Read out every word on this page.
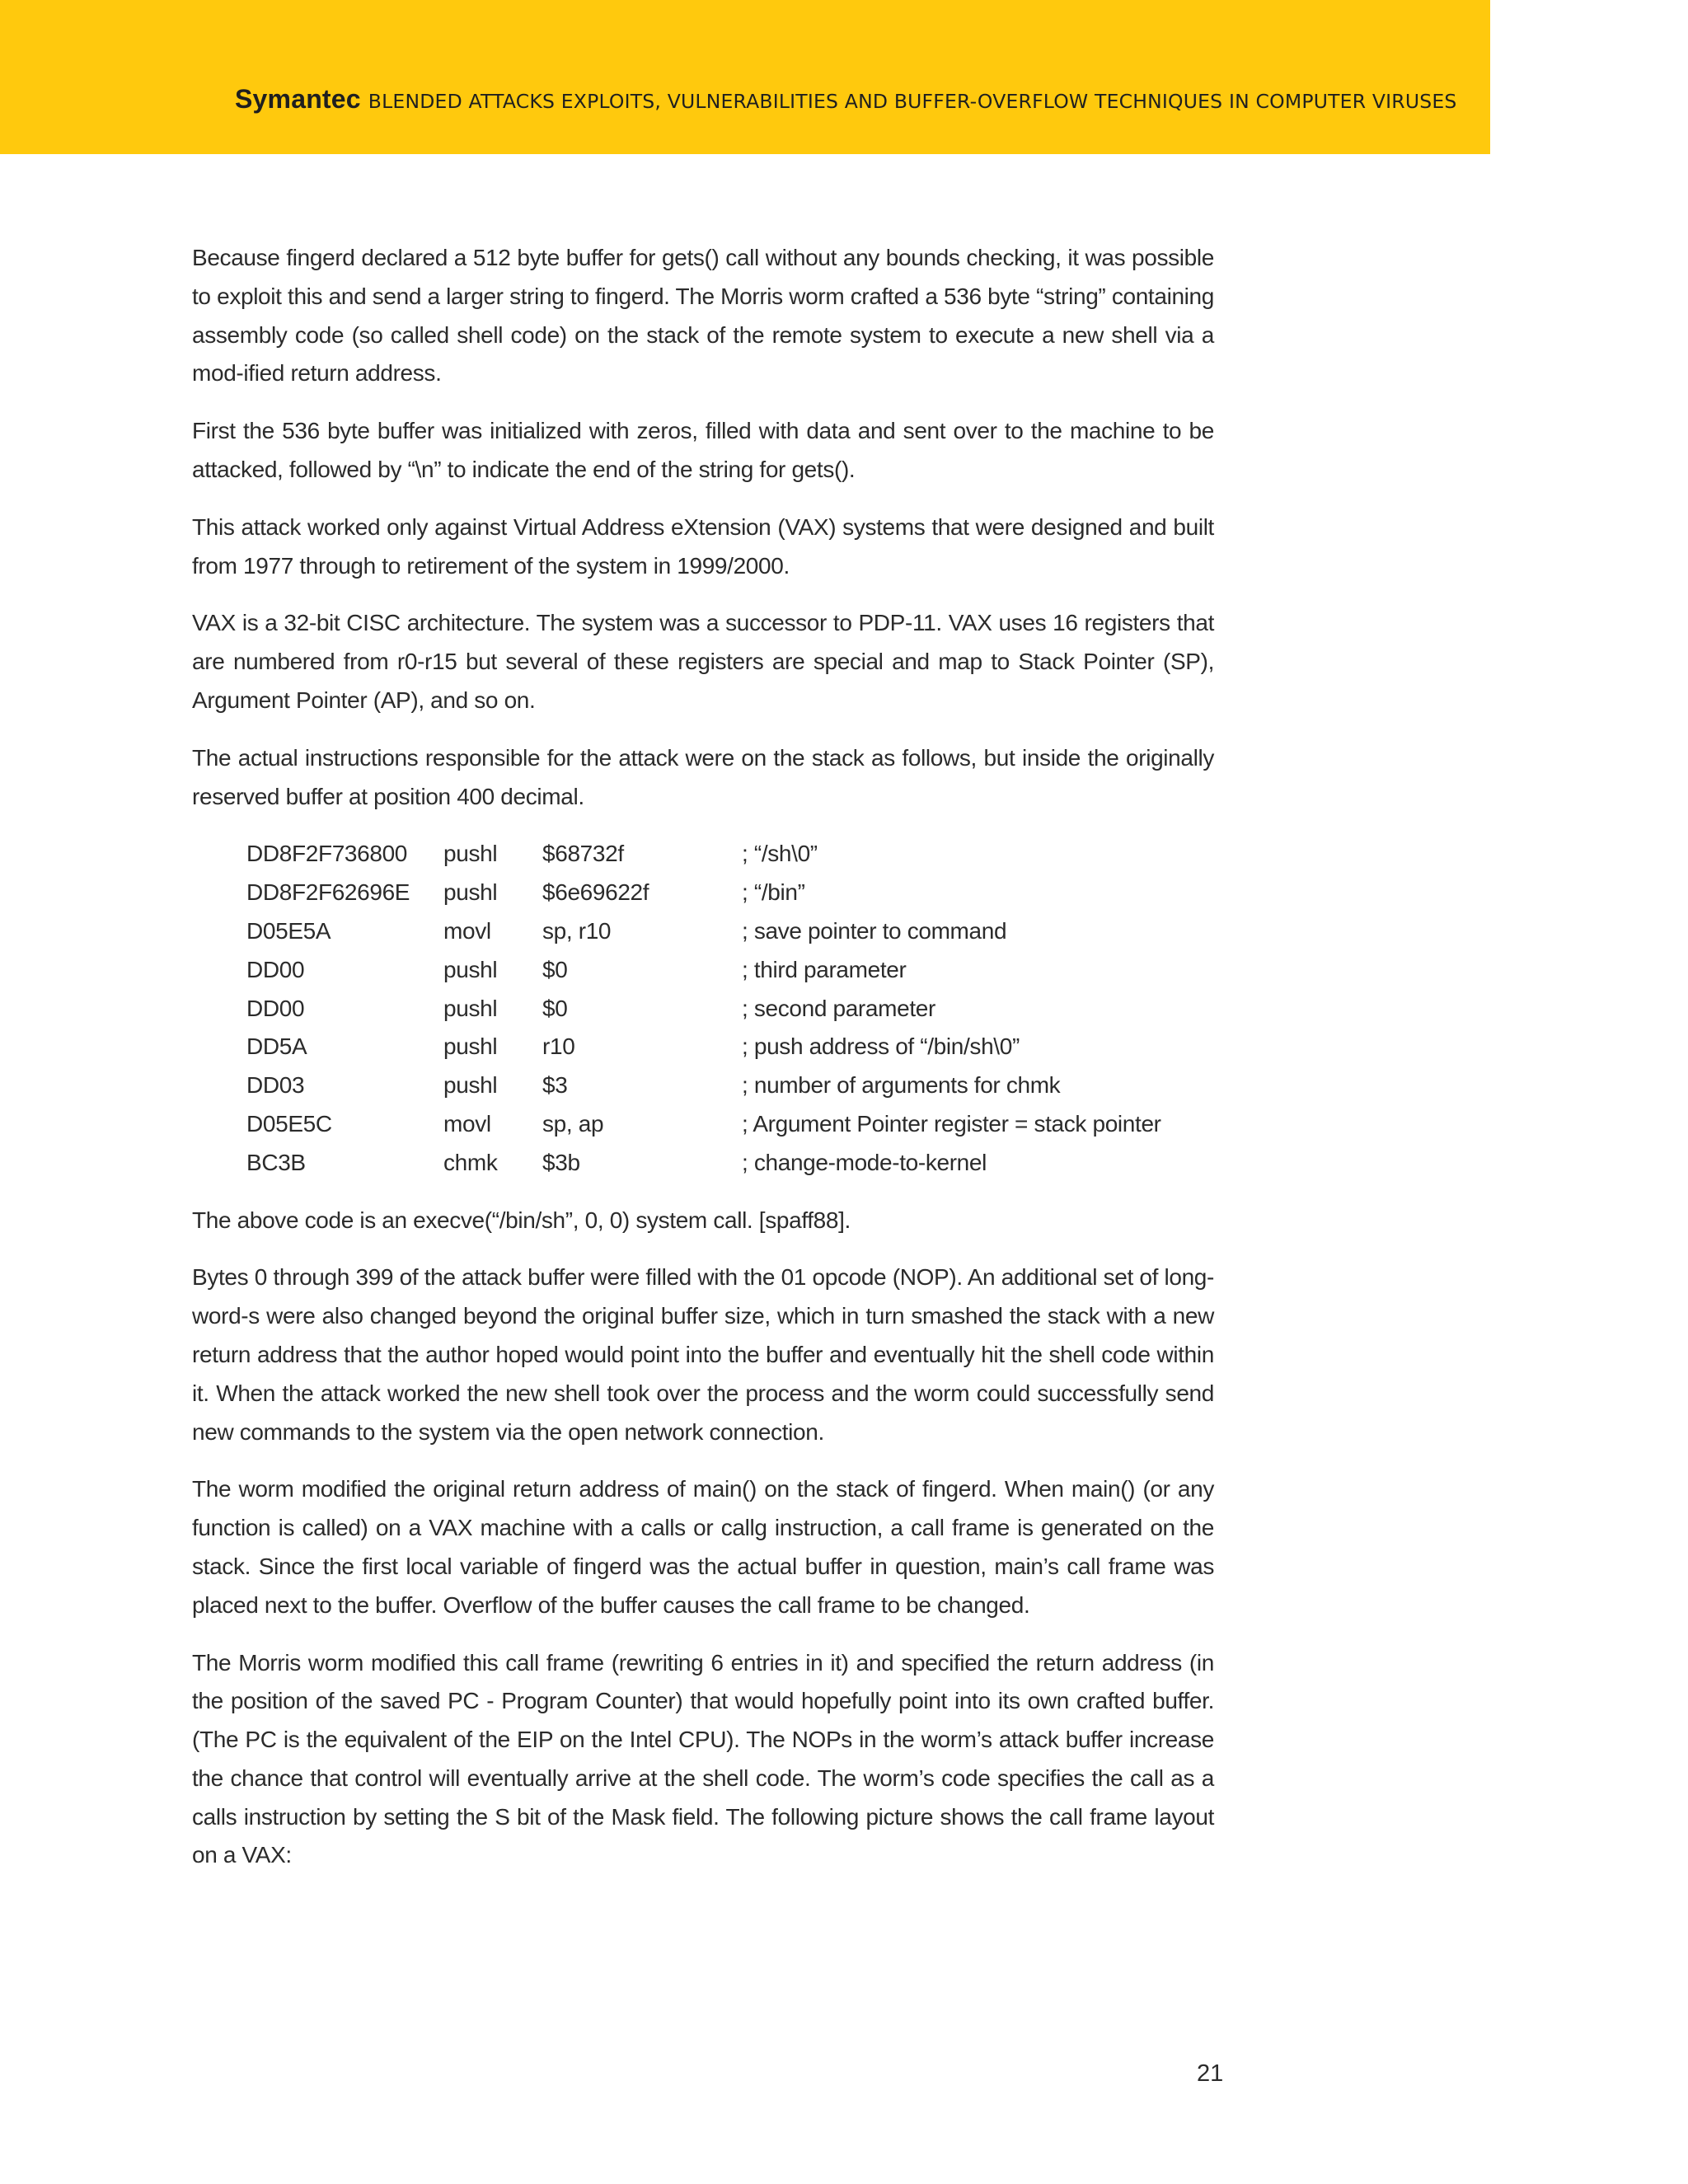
Symantec BLENDED ATTACKS EXPLOITS, VULNERABILITIES AND BUFFER-OVERFLOW TECHNIQUES IN COMPUTER VIRUSES

Because fingerd declared a 512 byte buffer for gets() call without any bounds checking, it was possible to exploit this and send a larger string to fingerd. The Morris worm crafted a 536 byte “string” containing assembly code (so called shell code) on the stack of the remote system to execute a new shell via a mod-ified return address.

First the 536 byte buffer was initialized with zeros, filled with data and sent over to the machine to be attacked, followed by “\n” to indicate the end of the string for gets().

This attack worked only against Virtual Address eXtension (VAX) systems that were designed and built from 1977 through to retirement of the system in 1999/2000.

VAX is a 32-bit CISC architecture. The system was a successor to PDP-11. VAX uses 16 registers that are numbered from r0-r15 but several of these registers are special and map to Stack Pointer (SP), Argument Pointer (AP), and so on.

The actual instructions responsible for the attack were on the stack as follows, but inside the originally reserved buffer at position 400 decimal.

DD8F2F736800	pushl	$68732f	; “/sh\0”
DD8F2F62696E	pushl	$6e69622f	; “/bin”
D05E5A	movl	sp, r10	; save pointer to command
DD00	pushl	$0	; third parameter
DD00	pushl	$0	; second parameter
DD5A	pushl	r10	; push address of “/bin/sh\0”
DD03	pushl	$3	; number of arguments for chmk
D05E5C	movl	sp, ap	; Argument Pointer register = stack pointer
BC3B	chmk	$3b	; change-mode-to-kernel

The above code is an execve(“/bin/sh”, 0, 0) system call. [spaff88].

Bytes 0 through 399 of the attack buffer were filled with the 01 opcode (NOP). An additional set of long-word-s were also changed beyond the original buffer size, which in turn smashed the stack with a new return address that the author hoped would point into the buffer and eventually hit the shell code within it. When the attack worked the new shell took over the process and the worm could successfully send new commands to the system via the open network connection.

The worm modified the original return address of main() on the stack of fingerd. When main() (or any function is called) on a VAX machine with a calls or callg instruction, a call frame is generated on the stack. Since the first local variable of fingerd was the actual buffer in question, main’s call frame was placed next to the buffer. Overflow of the buffer causes the call frame to be changed.

The Morris worm modified this call frame (rewriting 6 entries in it) and specified the return address (in the position of the saved PC - Program Counter) that would hopefully point into its own crafted buffer. (The PC is the equivalent of the EIP on the Intel CPU). The NOPs in the worm’s attack buffer increase the chance that control will eventually arrive at the shell code. The worm’s code specifies the call as a calls instruction by setting the S bit of the Mask field. The following picture shows the call frame layout on a VAX:

21
